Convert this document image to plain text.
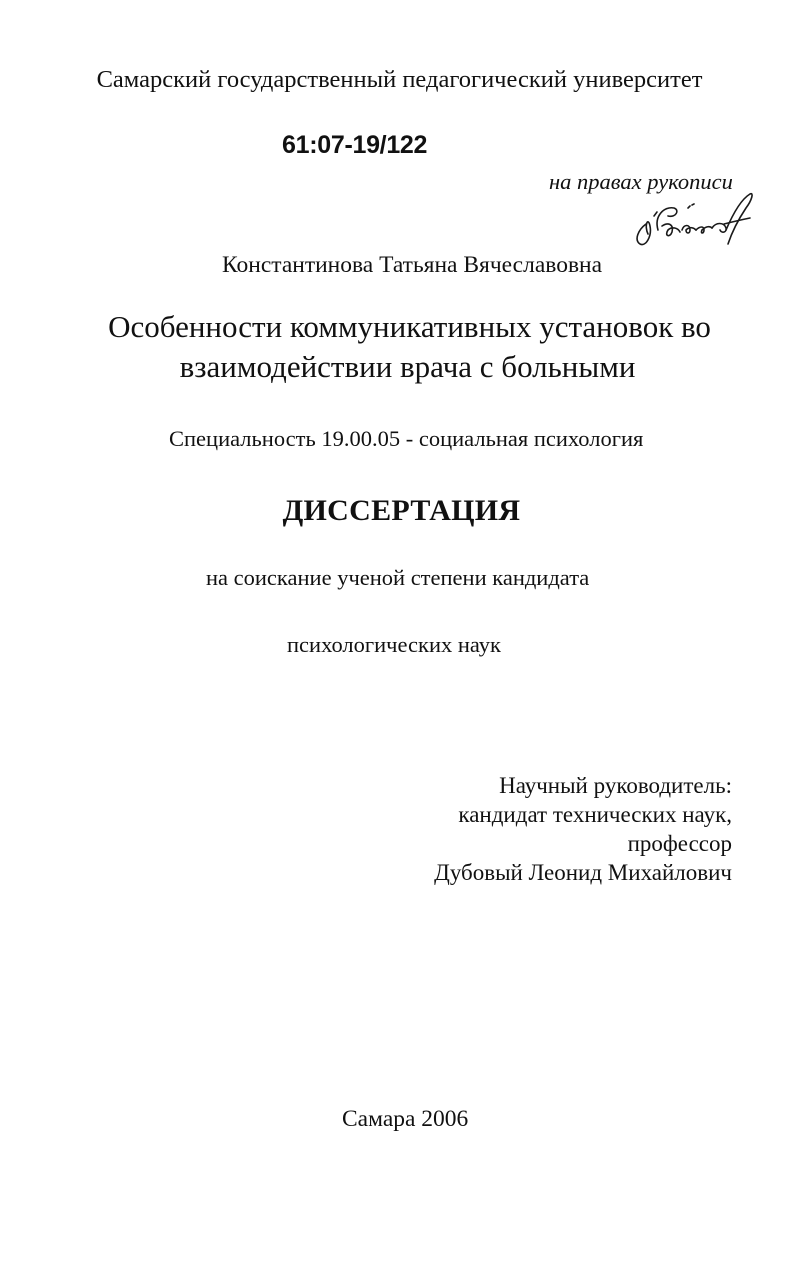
Самарский государственный педагогический университет
61:07-19/122
на правах рукописи
Константинова Татьяна Вячеславовна
Особенности коммуникативных установок во
взаимодействии врача с больными
Специальность 19.00.05 - социальная психология
ДИССЕРТАЦИЯ
на соискание ученой степени кандидата
психологических наук
Научный руководитель:
кандидат технических наук,
профессор
Дубовый Леонид Михайлович
Самара 2006
